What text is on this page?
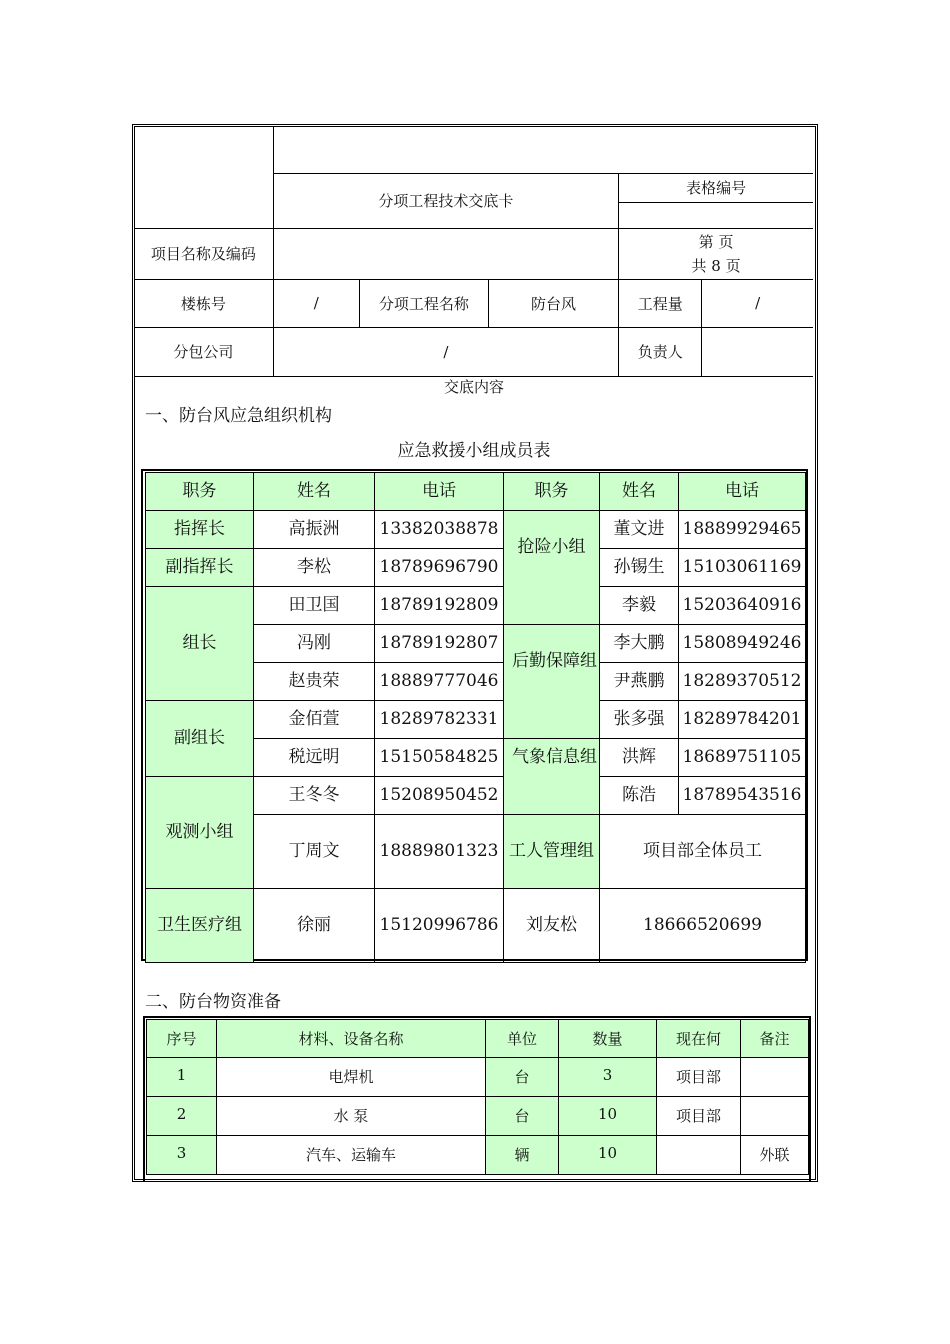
	分项工程技术交底卡			表格编号	

项目名称及编码				第 页
共 8 页	

楼栋号	/	分项工程名称	防台风	工程量	/
分包公司	/			负责人	
交底内容
一、防台风应急组织机构
应急救援小组成员表
职务	姓名	电话	职务	姓名	电话
指挥长	高振洲	13382038878	抢险小组	董文进	18889929465
副指挥长	李松	18789696790		孙锡生	15103061169
组长	田卫国	18789192809		李毅	15203640916
	冯刚	18789192807	后勤保障组	李大鹏	15808949246
	赵贵荣	18889777046		尹燕鹏	18289370512
副组长	金佰萱	18289782331		张多强	18289784201
	税远明	15150584825	气象信息组	洪辉	18689751105
观测小组	王冬冬	15208950452		陈浩	18789543516
	丁周文	18889801323	工人管理组	项目部全体员工	
卫生医疗组	徐丽	15120996786	刘友松	18666520699	
二、防台物资准备
序号	材料、设备名称	单位	数量	现在何	备注
1	电焊机	台	3	项目部	
2	水 泵	台	10	项目部	
3	汽车、运输车	辆	10		外联
